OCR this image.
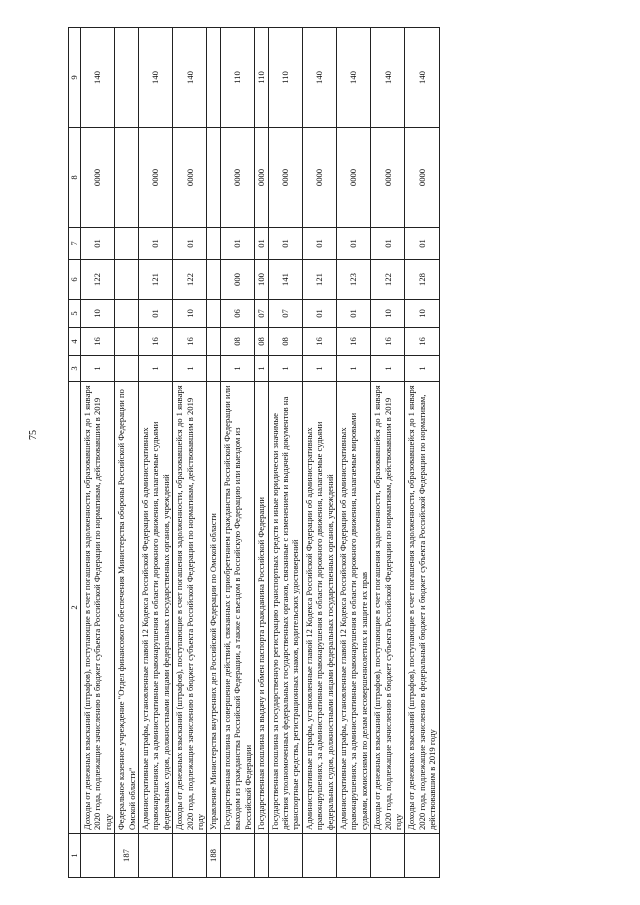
75
1	2	3	4	5	6	7	8	9
	Доходы от денежных взысканий (штрафов), поступающие в счет погашения задолженности, образовавшейся до 1 января 2020 года, подлежащие зачислению в бюджет субъекта Российской Федерации по нормативам, действовавшим в 2019 году	1	16	10	122	01	0000	140
187	Федеральное казенное учреждение "Отдел финансового обеспечения Министерства обороны Российской Федерации по Омской области"							
	Административные штрафы, установленные главой 12 Кодекса Российской Федерации об административных правонарушениях, за административные правонарушения в области дорожного движения, налагаемые судьями федеральных судов, должностными лицами федеральных государственных органов, учреждений	1	16	01	121	01	0000	140
	Доходы от денежных взысканий (штрафов), поступающие в счет погашения задолженности, образовавшейся до 1 января 2020 года, подлежащие зачислению в бюджет субъекта Российской Федерации по нормативам, действовавшим в 2019 году	1	16	10	122	01	0000	140
188	Управление Министерства внутренних дел Российской Федерации по Омской области							
	Государственная пошлина за совершение действий, связанных с приобретением гражданства Российской Федерации или выходом из гражданства Российской Федерации, а также с въездом в Российскую Федерацию или выездом из Российской Федерации	1	08	06	000	01	0000	110
	Государственная пошлина за выдачу и обмен паспорта гражданина Российской Федерации	1	08	07	100	01	0000	110
	Государственная пошлина за государственную регистрацию транспортных средств и иные юридически значимые действия уполномоченных федеральных государственных органов, связанные с изменением и выдачей документов на транспортные средства, регистрационных знаков, водительских удостоверений	1	08	07	141	01	0000	110
	Административные штрафы, установленные главой 12 Кодекса Российской Федерации об административных правонарушениях, за административные правонарушения в области дорожного движения, налагаемые судьями федеральных судов, должностными лицами федеральных государственных органов, учреждений	1	16	01	121	01	0000	140
	Административные штрафы, установленные главой 12 Кодекса Российской Федерации об административных правонарушениях, за административные правонарушения в области дорожного движения, налагаемые мировыми судьями, комиссиями по делам несовершеннолетних и защите их прав	1	16	01	123	01	0000	140
	Доходы от денежных взысканий (штрафов), поступающие в счет погашения задолженности, образовавшейся до 1 января 2020 года, подлежащие зачислению в бюджет субъекта Российской Федерации по нормативам, действовавшим в 2019 году	1	16	10	122	01	0000	140
	Доходы от денежных взысканий (штрафов), поступающие в счет погашения задолженности, образовавшейся до 1 января 2020 года, подлежащие зачислению в федеральный бюджет и бюджет субъекта Российской Федерации по нормативам, действовавшим в 2019 году	1	16	10	128	01	0000	140
